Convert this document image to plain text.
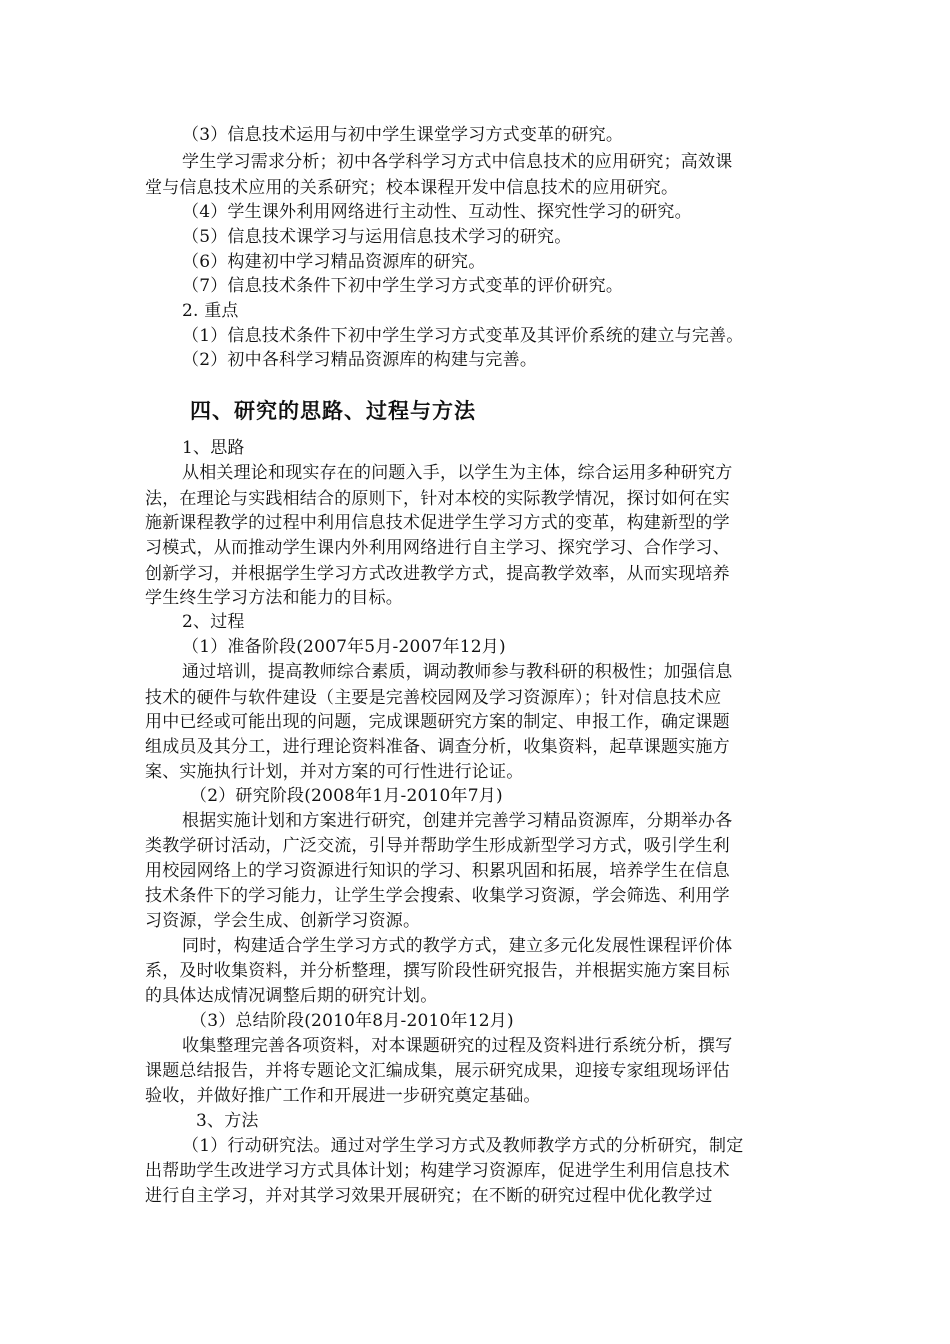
（3）信息技术运用与初中学生课堂学习方式变革的研究。

学生学习需求分析；初中各学科学习方式中信息技术的应用研究；高效课

堂与信息技术应用的关系研究；校本课程开发中信息技术的应用研究。

（4）学生课外利用网络进行主动性、互动性、探究性学习的研究。

（5）信息技术课学习与运用信息技术学习的研究。

（6）构建初中学习精品资源库的研究。

（7）信息技术条件下初中学生学习方式变革的评价研究。

2. 重点

（1）信息技术条件下初中学生学习方式变革及其评价系统的建立与完善。

（2）初中各科学习精品资源库的构建与完善。

四、研究的思路、过程与方法

1、思路

从相关理论和现实存在的问题入手，以学生为主体，综合运用多种研究方

法，在理论与实践相结合的原则下，针对本校的实际教学情况，探讨如何在实

施新课程教学的过程中利用信息技术促进学生学习方式的变革，构建新型的学

习模式，从而推动学生课内外利用网络进行自主学习、探究学习、合作学习、

创新学习，并根据学生学习方式改进教学方式，提高教学效率，从而实现培养

学生终生学习方法和能力的目标。

2、过程

（1）准备阶段(2007年5月-2007年12月)

通过培训，提高教师综合素质，调动教师参与教科研的积极性；加强信息

技术的硬件与软件建设（主要是完善校园网及学习资源库）；针对信息技术应

用中已经或可能出现的问题，完成课题研究方案的制定、申报工作，确定课题

组成员及其分工，进行理论资料准备、调查分析，收集资料，起草课题实施方

案、实施执行计划，并对方案的可行性进行论证。

（2）研究阶段(2008年1月-2010年7月)

根据实施计划和方案进行研究，创建并完善学习精品资源库，分期举办各

类教学研讨活动，广泛交流，引导并帮助学生形成新型学习方式，吸引学生利

用校园网络上的学习资源进行知识的学习、积累巩固和拓展，培养学生在信息

技术条件下的学习能力，让学生学会搜索、收集学习资源，学会筛选、利用学

习资源，学会生成、创新学习资源。

同时，构建适合学生学习方式的教学方式，建立多元化发展性课程评价体

系，及时收集资料，并分析整理，撰写阶段性研究报告，并根据实施方案目标

的具体达成情况调整后期的研究计划。

（3）总结阶段(2010年8月-2010年12月)

收集整理完善各项资料，对本课题研究的过程及资料进行系统分析，撰写

课题总结报告，并将专题论文汇编成集，展示研究成果，迎接专家组现场评估

验收，并做好推广工作和开展进一步研究奠定基础。

3、方法

（1）行动研究法。通过对学生学习方式及教师教学方式的分析研究，制定

出帮助学生改进学习方式具体计划；构建学习资源库，促进学生利用信息技术

进行自主学习，并对其学习效果开展研究；在不断的研究过程中优化教学过
